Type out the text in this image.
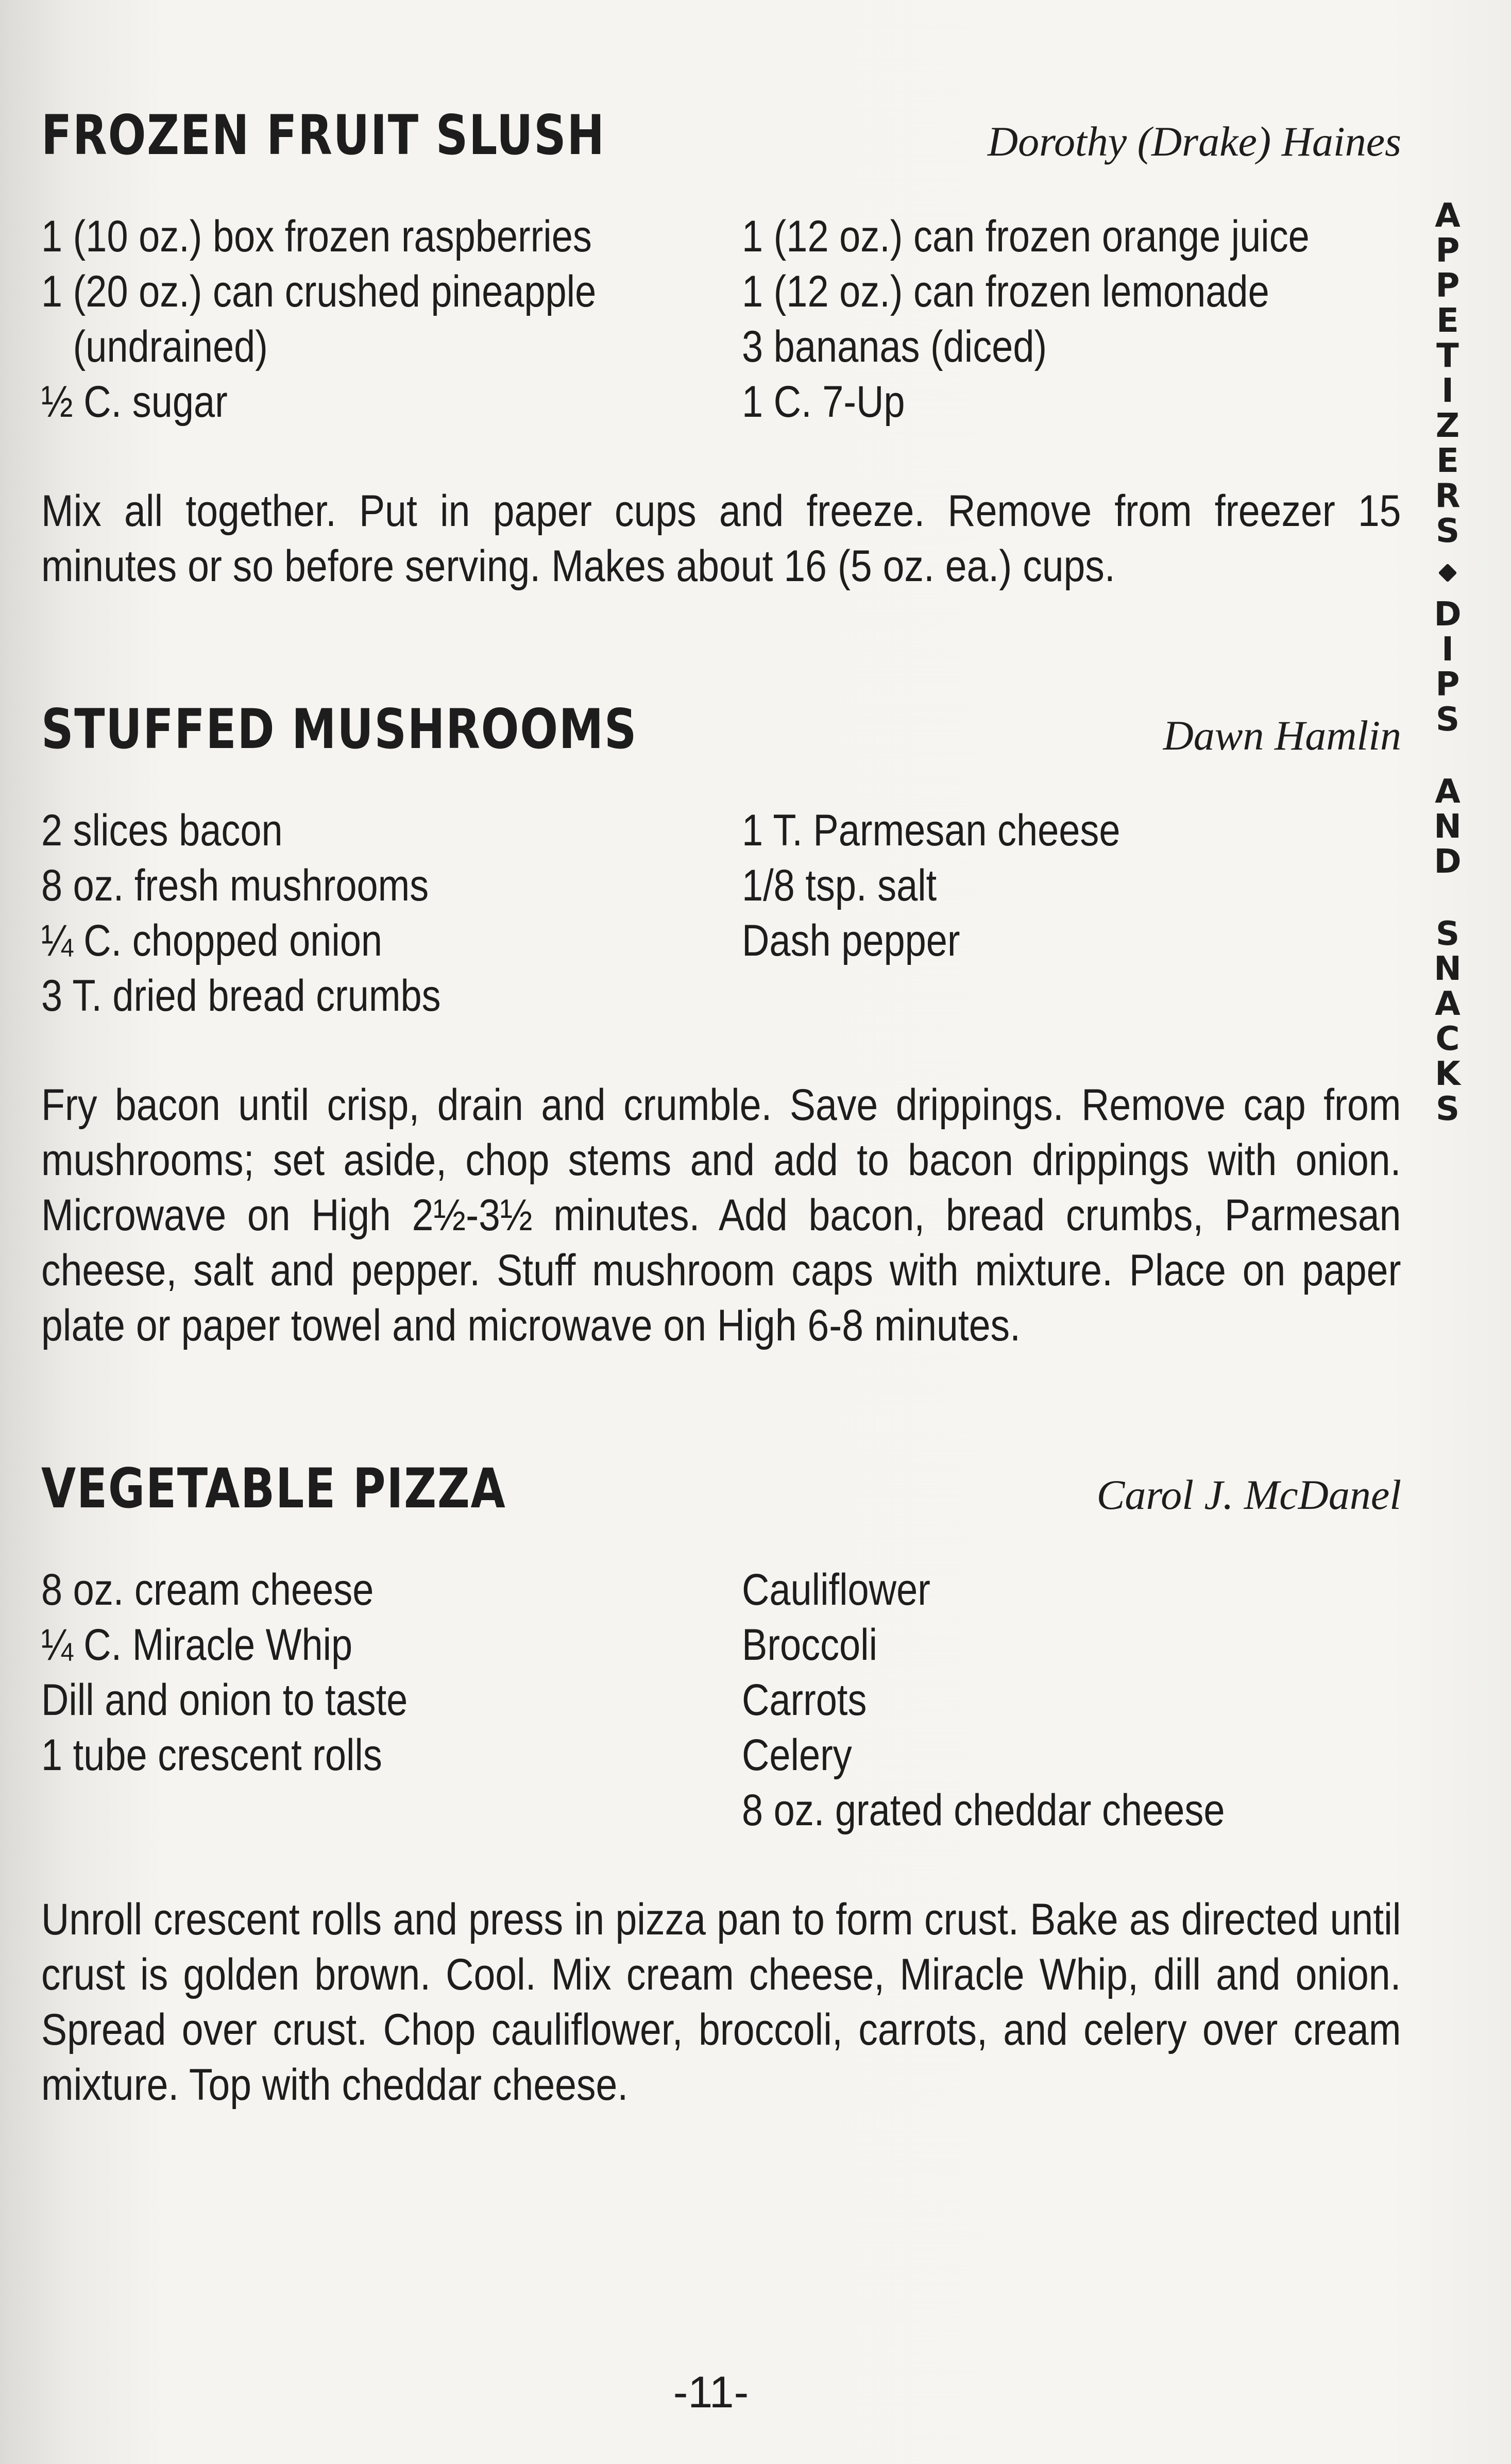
FROZEN FRUIT SLUSH	Dorothy (Drake) Haines
1 (10 oz.) box frozen raspberries
1 (20 oz.) can crushed pineapple
(undrained)
½ C. sugar
1 (12 oz.) can frozen orange juice
1 (12 oz.) can frozen lemonade
3 bananas (diced)
1 C. 7-Up

Mix all together. Put in paper cups and freeze. Remove from freezer 15 minutes or so before serving. Makes about 16 (5 oz. ea.) cups.

STUFFED MUSHROOMS	Dawn Hamlin
2 slices bacon
8 oz. fresh mushrooms
¼ C. chopped onion
3 T. dried bread crumbs
1 T. Parmesan cheese
1/8 tsp. salt
Dash pepper

Fry bacon until crisp, drain and crumble. Save drippings. Remove cap from mushrooms; set aside, chop stems and add to bacon drippings with onion. Microwave on High 2½-3½ minutes. Add bacon, bread crumbs, Parmesan cheese, salt and pepper. Stuff mushroom caps with mixture. Place on paper plate or paper towel and microwave on High 6-8 minutes.

VEGETABLE PIZZA	Carol J. McDanel
8 oz. cream cheese
¼ C. Miracle Whip
Dill and onion to taste
1 tube crescent rolls
Cauliflower
Broccoli
Carrots
Celery
8 oz. grated cheddar cheese

Unroll crescent rolls and press in pizza pan to form crust. Bake as directed until crust is golden brown. Cool. Mix cream cheese, Miracle Whip, dill and onion. Spread over crust. Chop cauliflower, broccoli, carrots, and celery over cream mixture. Top with cheddar cheese.

A
P
P
E
T
I
Z
E
R
S
D
I
P
S
A
N
D
S
N
A
C
K
S
-11-
